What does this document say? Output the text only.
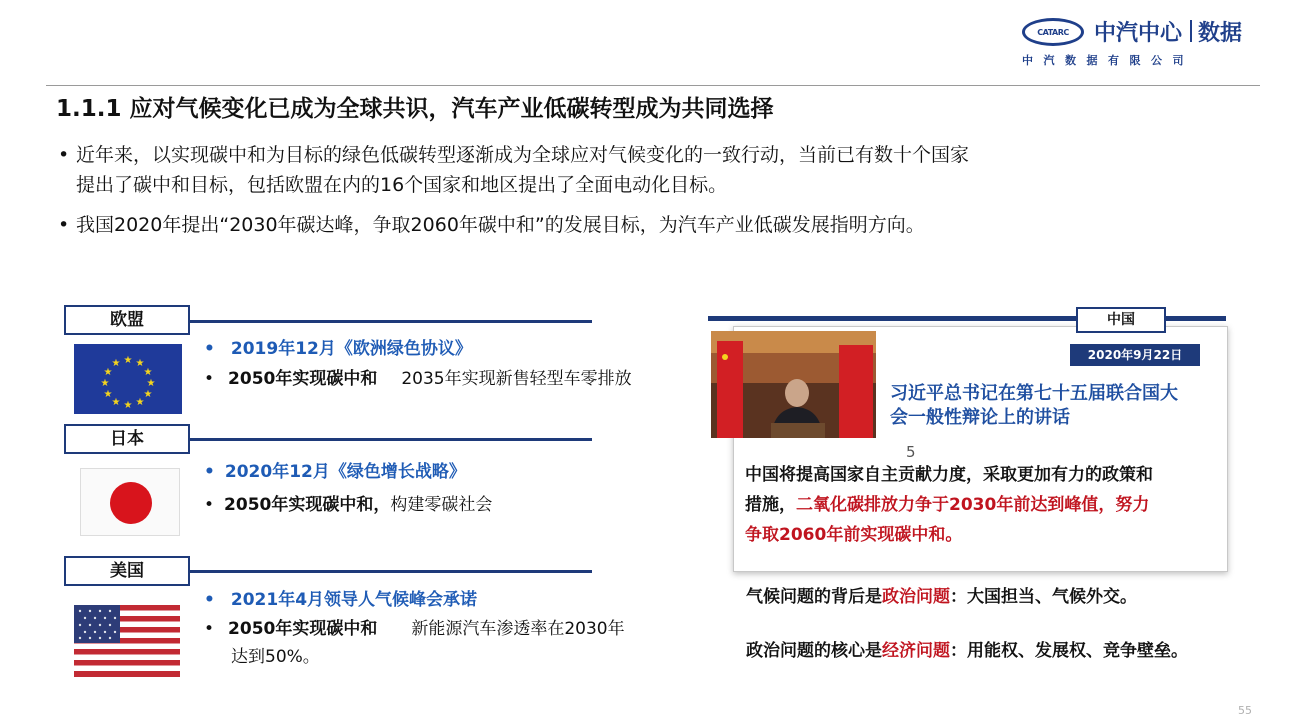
CATARC	中汽中心 数据
中汽数据有限公司
1.1.1 应对气候变化已成为全球共识，汽车产业低碳转型成为共同选择
• 近年来，以实现碳中和为目标的绿色低碳转型逐渐成为全球应对气候变化的一致行动，当前已有数十个国家
提出了碳中和目标，包括欧盟在内的16个国家和地区提出了全面电动化目标。
• 我国2020年提出“2030年碳达峰，争取2060年碳中和”的发展目标，为汽车产业低碳发展指明方向。
欧盟
★ ★
★
★
★
★
★
★
★
★
★
★
• 2019年12月《欧洲绿色协议》
• 2050年实现碳中和 2035年实现新售轻型车零排放
日本
• 2020年12月《绿色增长战略》
• 2050年实现碳中和，构建零碳社会
美国
• 2021年4月领导人气候峰会承诺
• 2050年实现碳中和 新能源汽车渗透率在2030年
达到50%。
中国
2020年9月22日
习近平总书记在第七十五届联合国大
会一般性辩论上的讲话
5
中国将提高国家自主贡献力度，采取更加有力的政策和
措施，二氧化碳排放力争于2030年前达到峰值，努力
争取2060年前实现碳中和。
气候问题的背后是政治问题：大国担当、气候外交。
政治问题的核心是经济问题：用能权、发展权、竞争壁垒。
55
